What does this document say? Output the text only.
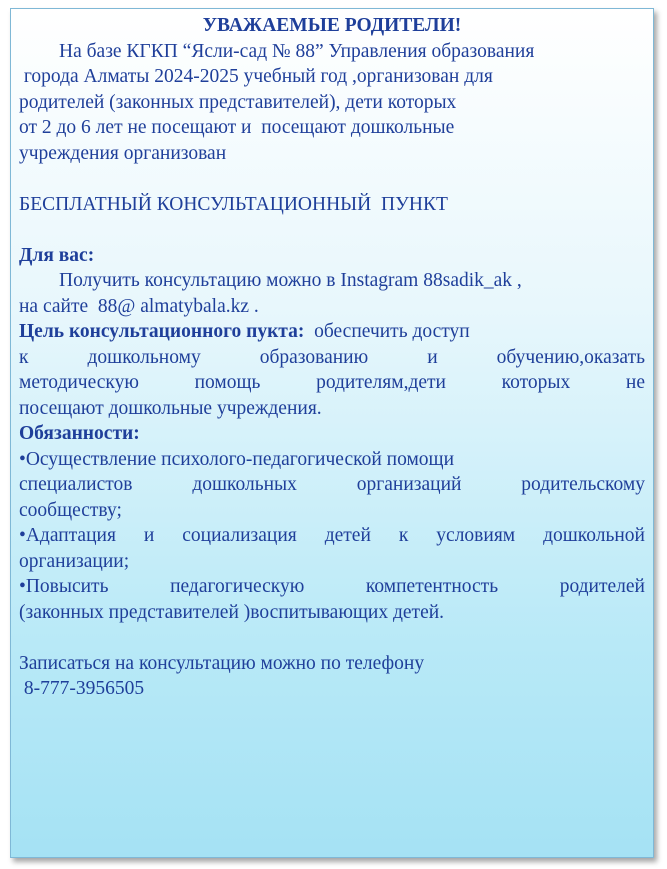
УВАЖАЕМЫЕ РОДИТЕЛИ!

На базе КГКП “Ясли-сад № 88” Управления образования

города Алматы 2024-2025 учебный год ,организован для

родителей (законных представителей), дети которых

от 2 до 6 лет не посещают и  посещают дошкольные

учреждения организован

БЕСПЛАТНЫЙ КОНСУЛЬТАЦИОННЫЙ  ПУНКТ

Для вас:

Получить консультацию можно в Instagram 88sadik_ak ,

на сайте  88@ almatybala.kz .

Цель консультационного пукта:  обеспечить доступ

к дошкольному образованию и обучению,оказать

методическую помощь родителям,дети которых не

посещают дошкольные учреждения.

Обязанности:

•Осуществление психолого-педагогической помощи

специалистов дошкольных организаций родительскому

сообществу;

•Адаптация и социализация детей к условиям дошкольной

организации;

•Повысить педагогическую компетентность родителей

(законных представителей )воспитывающих детей.

Записаться на консультацию можно по телефону

8-777-3956505
